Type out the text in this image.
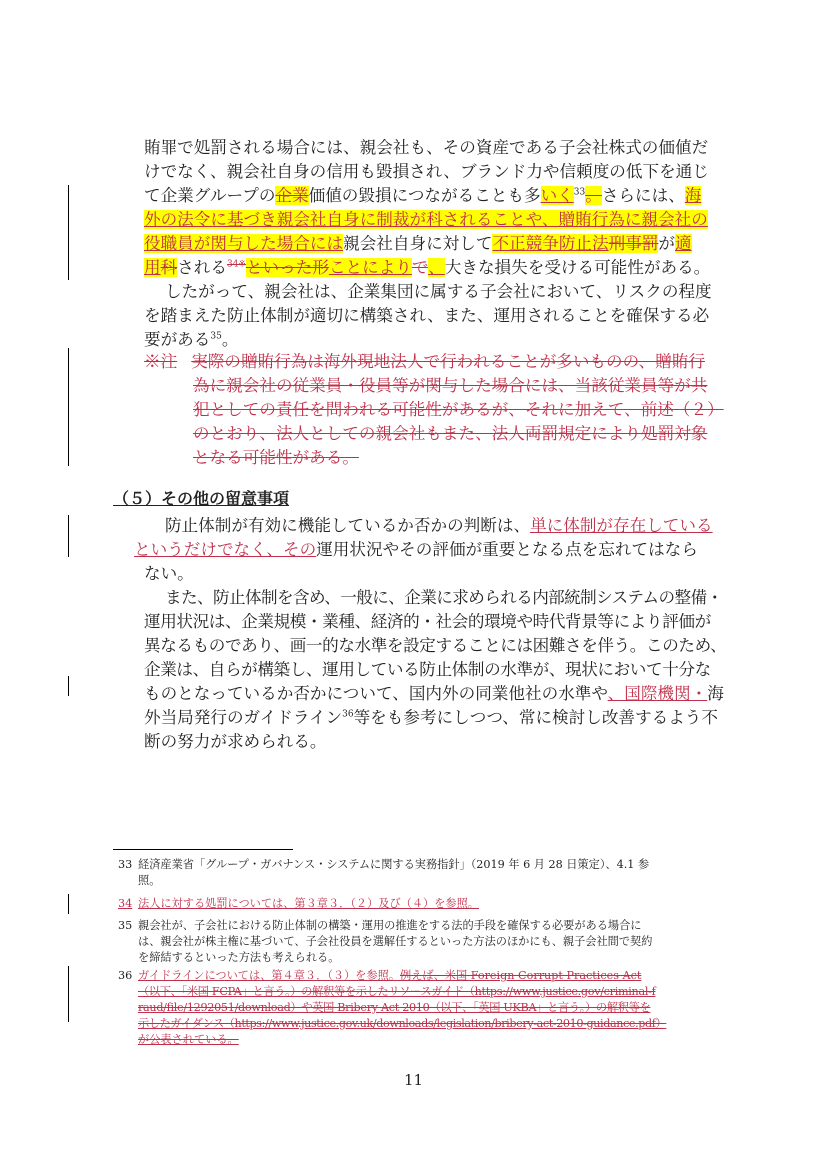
賄罪で処罰される場合には、親会社も、その資産である子会社株式の価値だ
けでなく、親会社自身の信用も毀損され、ブランド力や信頼度の低下を通じ
て企業グループの企業価値の毀損につながることも多いく$^{33}$。さらには、海
外の法令に基づき親会社自身に制裁が科されることや、贈賄行為に親会社の
役職員が関与した場合には親会社自身に対して不正競争防止法刑事罰が適
用科される$^{34※}$といった形ことによりで、大きな損失を受ける可能性がある。
したがって、親会社は、企業集団に属する子会社において、リスクの程度
を踏まえた防止体制が適切に構築され、また、運用されることを確保する必
要がある$^{35}$。
※注 実際の贈賄行為は海外現地法人で行われることが多いものの、贈賄行
為に親会社の従業員・役員等が関与した場合には、当該従業員等が共
犯としての責任を問われる可能性があるが、それに加えて、前述（２）
のとおり、法人としての親会社もまた、法人両罰規定により処罰対象
となる可能性がある。
（５）その他の留意事項
防止体制が有効に機能しているか否かの判断は、単に体制が存在している
というだけでなく、その運用状況やその評価が重要となる点を忘れてはなら
ない。
また、防止体制を含め、一般に、企業に求められる内部統制システムの整備・
運用状況は、企業規模・業種、経済的・社会的環境や時代背景等により評価が
異なるものであり、画一的な水準を設定することには困難さを伴う。このため、
企業は、自らが構築し、運用している防止体制の水準が、現状において十分な
ものとなっているか否かについて、国内外の同業他社の水準や、国際機関・海
外当局発行のガイドライン$^{36}$等をも参考にしつつ、常に検討し改善するよう不
断の努力が求められる。
33 経済産業省「グループ・ガバナンス・システムに関する実務指針」（2019 年 6 月 28 日策定）、4.1 参
照。
34 法人に対する処罰については、第３章３．（２）及び（４）を参照。
35 親会社が、子会社における防止体制の構築・運用の推進をする法的手段を確保する必要がある場合に
は、親会社が株主権に基づいて、子会社役員を選解任するといった方法のほかにも、親子会社間で契約
を締結するといった方法も考えられる。
36 ガイドラインについては、第４章３．（３）を参照。例えば、米国 Foreign Corrupt Practices Act
（以下、「米国 FCPA」と言う。）の解釈等を示したリソースガイド（https://www.justice.gov/criminal-f
raud/file/1292051/download）や英国 Bribery Act 2010（以下、「英国 UKBA」と言う。）の解釈等を
示したガイダンス（https://www.justice.gov.uk/downloads/legislation/bribery-act-2010-guidance.pdf）
が公表されている。
11
